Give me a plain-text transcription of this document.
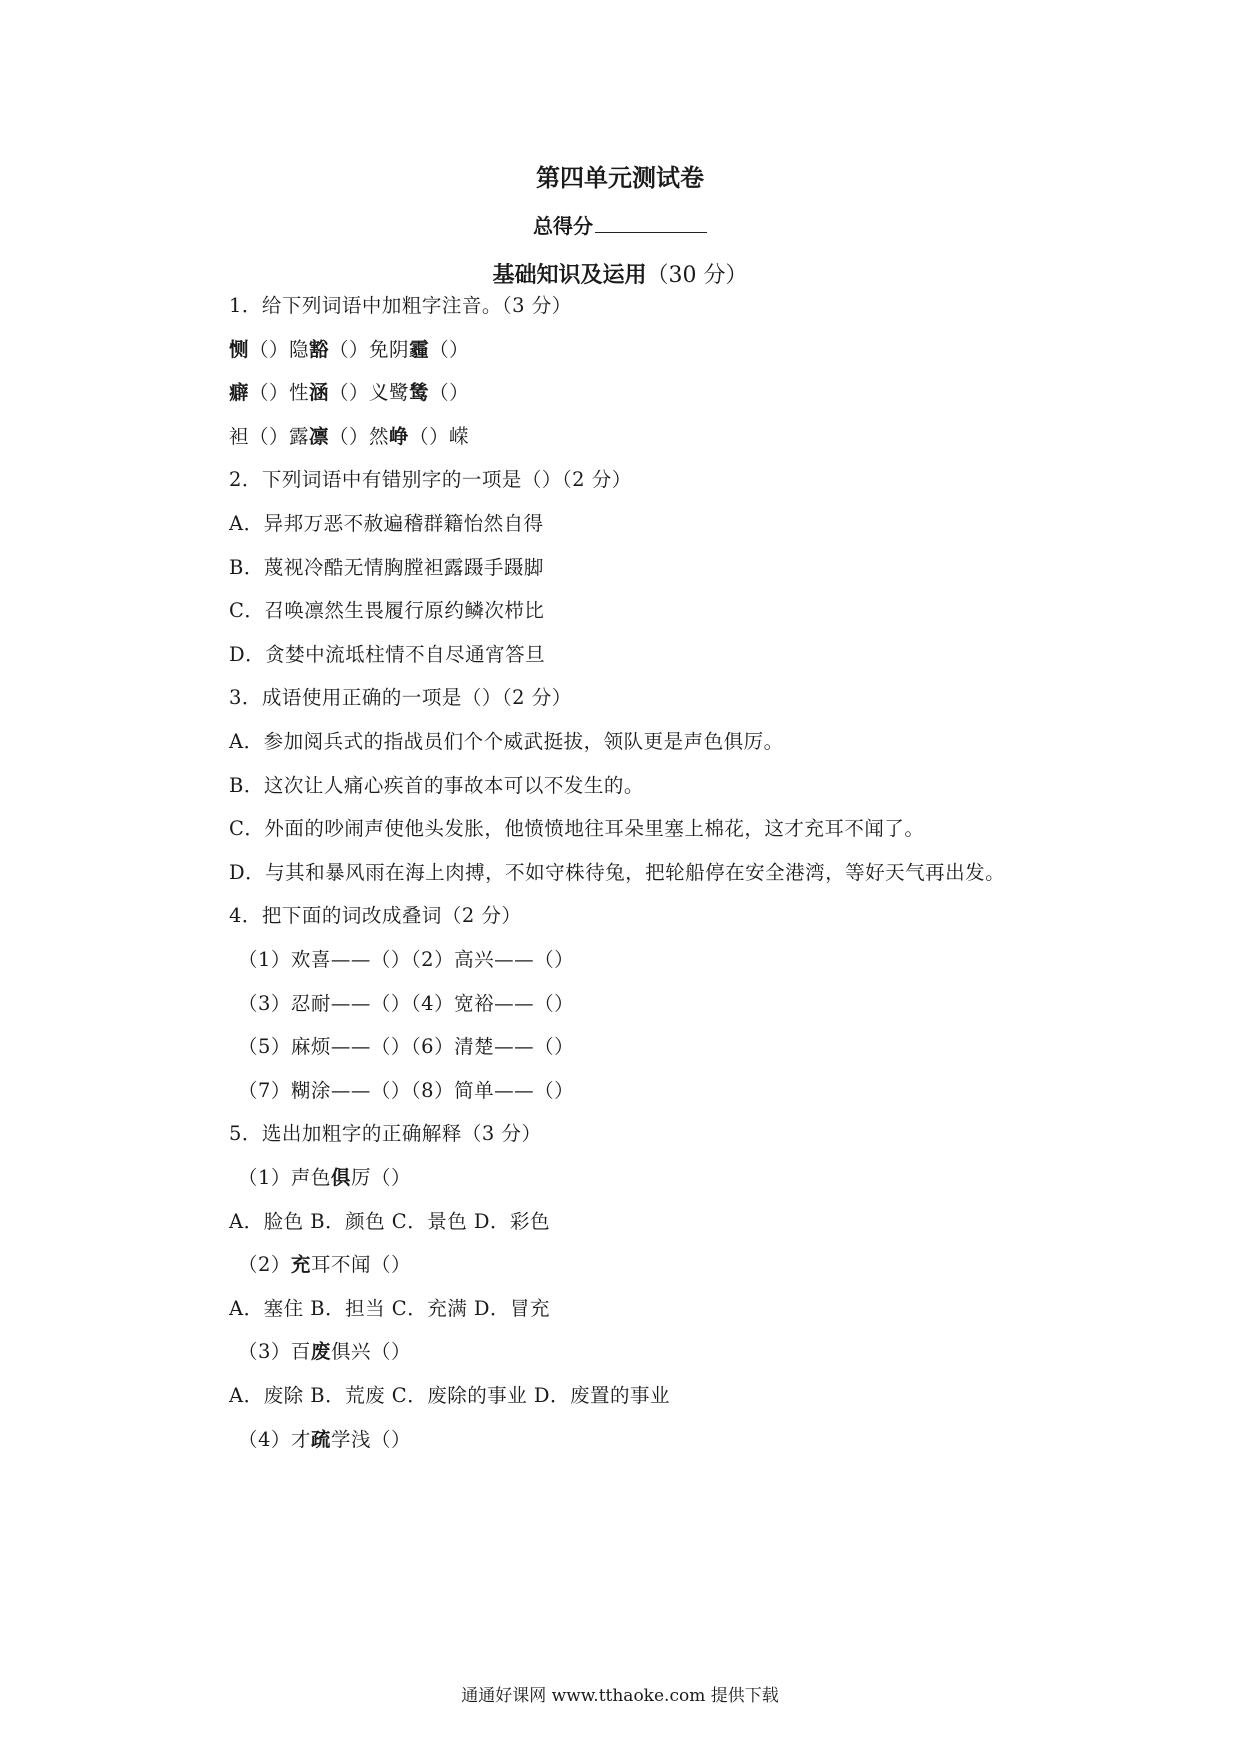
第四单元测试卷
总得分
基础知识及运用（30 分）
1．给下列词语中加粗字注音。（3 分）
恻（）隐豁（）免阴霾（）
癖（）性涵（）义鹭鸶（）
袒（）露凛（）然峥（）嵘
2．下列词语中有错别字的一项是（）（2 分）
A．异邦万恶不赦遍稽群籍怡然自得
B．蔑视冷酷无情胸膛袒露蹑手蹑脚
C．召唤凛然生畏履行原约鳞次栉比
D．贪婪中流坻柱情不自尽通宵答旦
3．成语使用正确的一项是（）（2 分）
A．参加阅兵式的指战员们个个威武挺拔，领队更是声色俱厉。
B．这次让人痛心疾首的事故本可以不发生的。
C．外面的吵闹声使他头发胀，他愤愤地往耳朵里塞上棉花，这才充耳不闻了。
D．与其和暴风雨在海上肉搏，不如守株待兔，把轮船停在安全港湾，等好天气再出发。
4．把下面的词改成叠词（2 分）
（1）欢喜——（）（2）高兴——（）
（3）忍耐——（）（4）宽裕——（）
（5）麻烦——（）（6）清楚——（）
（7）糊涂——（）（8）简单——（）
5．选出加粗字的正确解释（3 分）
（1）声色俱厉（）
A．脸色 B．颜色 C．景色 D．彩色
（2）充耳不闻（）
A．塞住 B．担当 C．充满 D．冒充
（3）百废俱兴（）
A．废除 B．荒废 C．废除的事业 D．废置的事业
（4）才疏学浅（）
通通好课网 www.tthaoke.com 提供下载
